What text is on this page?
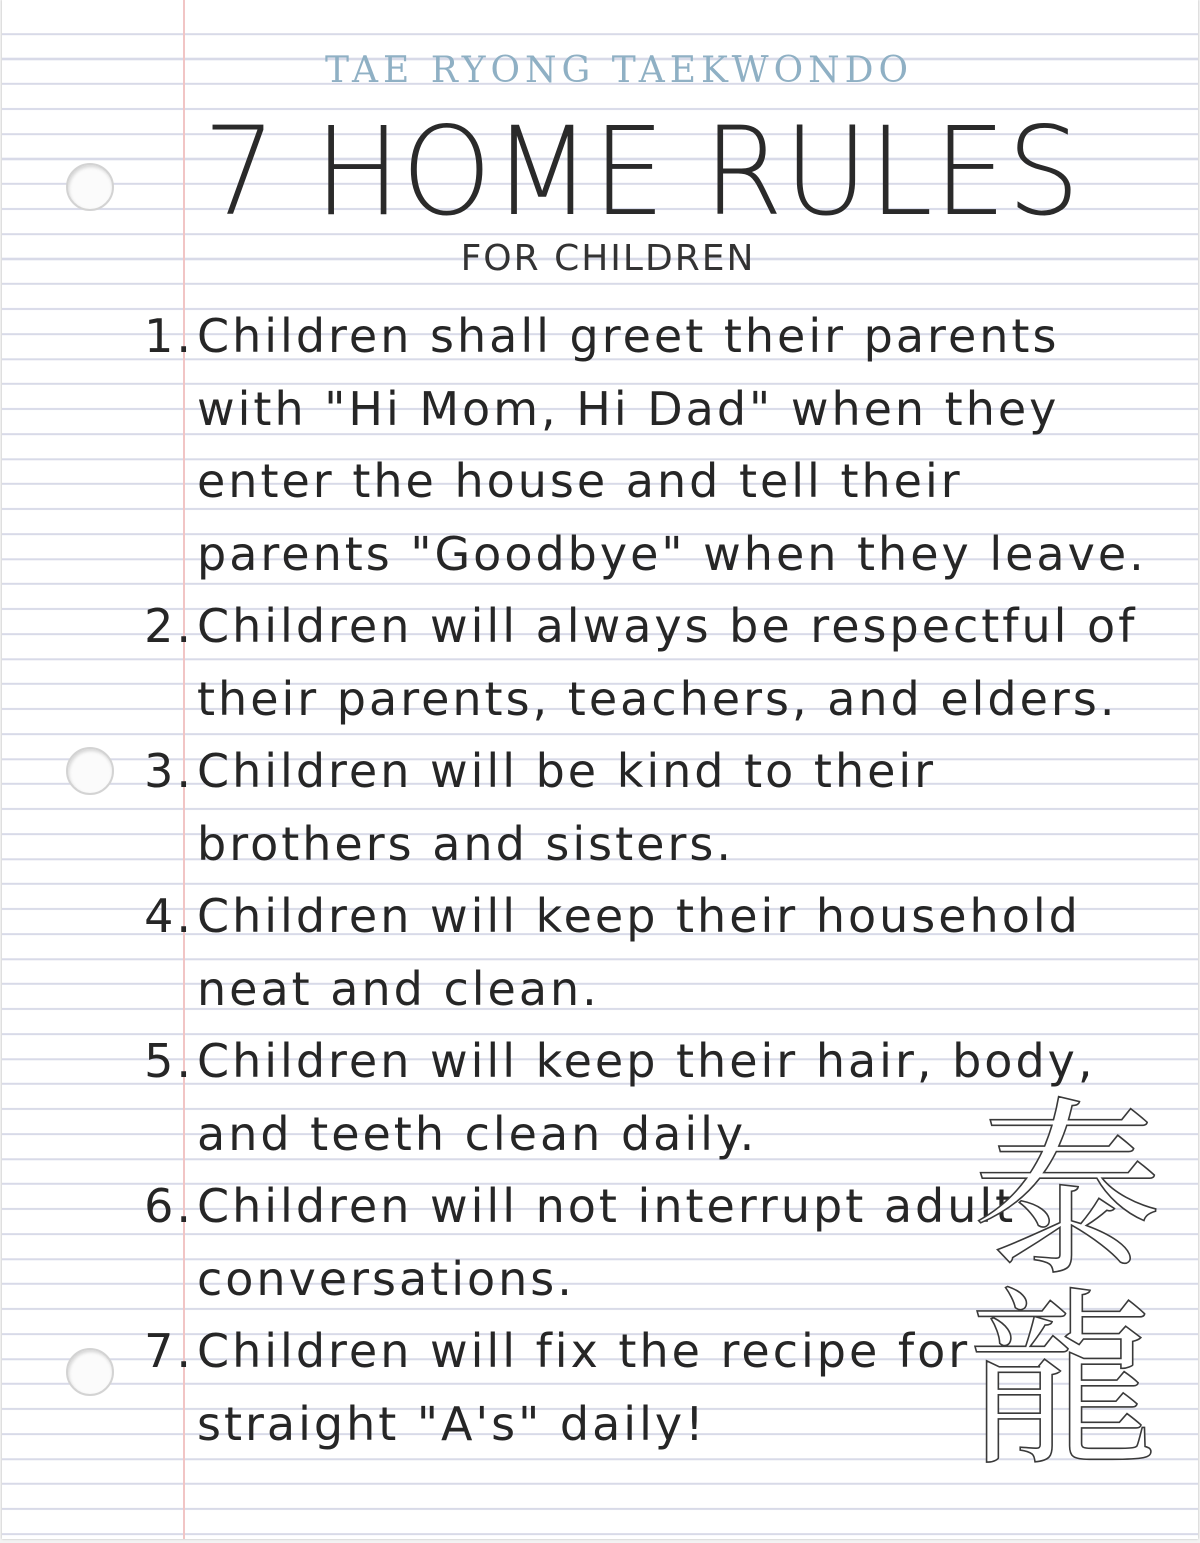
TAE RYONG TAEKWONDO
7 HOME RULES
FOR CHILDREN
1. Children shall greet their parents
with "Hi Mom, Hi Dad" when they
enter the house and tell their
parents "Goodbye" when they leave.
2. Children will always be respectful of
their parents, teachers, and elders.
3. Children will be kind to their
brothers and sisters.
4. Children will keep their household
neat and clean.
5. Children will keep their hair, body,
and teeth clean daily.
6. Children will not interrupt adult
conversations.
7. Children will fix the recipe for
straight "A's" daily!
泰
龍
